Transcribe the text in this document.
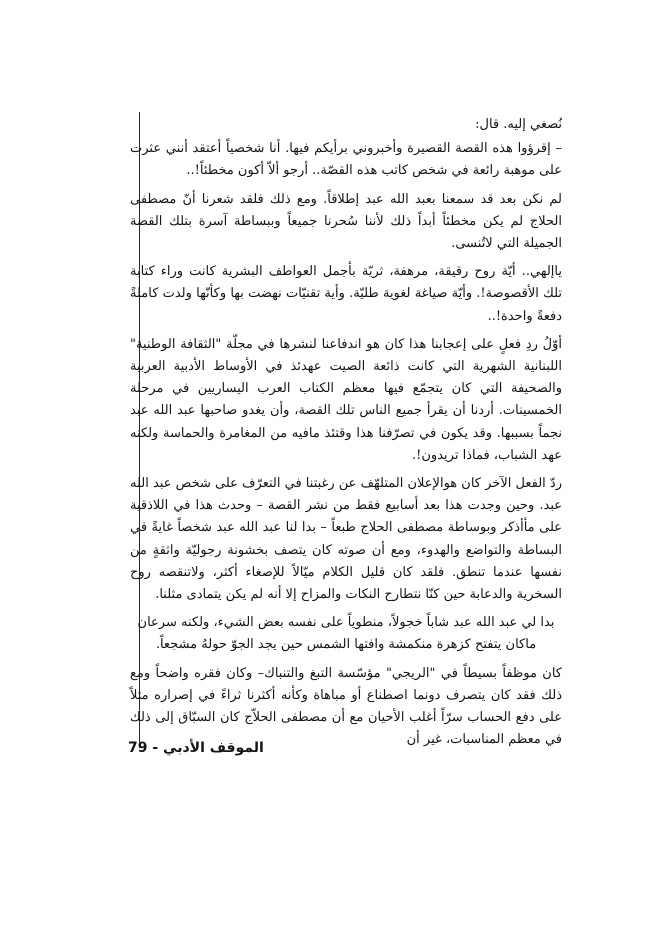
نُصغي إليه. قال:

– إقرؤوا هذه القصة القصيرة وأخبروني برأيكم فيها. أنا شخصياً أعتقد أنني عثرت على موهبة رائعة في شخص كاتب هذه القصّة.. أرجو ألاّ أكون مخطئاً!..

لم نكن بعد قد سمعنا بعبد الله عبد إطلاقاً. ومع ذلك فلقد شعرنا أنّ مصطفى الحلاج لم يكن مخطئاً أبداً ذلك لأننا سُحرنا جميعاً وببساطة آسرة بتلك القصة الجميلة التي لاتُنسى.

ياإلهي.. أيّة روح رقيقة، مرهفة، ثريّة بأجمل العواطف البشرية كانت وراء كتابة تلك الأقصوصة!. وأيّة صياغة لغوية طليّة. وأية تقنيّات نهضت بها وكأنّها ولدت كاملةً دفعةً واحدة!..

أوّلُ ردِ فعلٍ على إعجابنا هذا كان هو اندفاعنا لنشرها في مجلّة "الثقافة الوطنية" اللبنانية الشهرية التي كانت ذائعة الصيت عهدئذ في الأوساط الأدبية العربية والصحيفة التي كان يتجمّع فيها معظم الكتاب العرب اليساريين في مرحلة الخمسينات. أردنا أن يقرأ جميع الناس تلك القصة، وأن يغدو صاحبها عبد الله عبد نجماً بسببها. وقد يكون في تصرّفنا هذا وقتئذ مافيه من المغامرة والحماسة ولكنه عهد الشباب، فماذا تريدون!.

ردّ الفعل الآخر كان هوالإعلان المتلهّف عن رغبتنا في التعرّف على شخص عبد الله عبد. وحين وجدت هذا بعد أسابيع فقط من نشر القصة – وحدث هذا في اللاذقية على مأأذكر وبوساطة مصطفى الحلاج طبعاً – بدا لنا عبد الله عبد شخصاً غايةً في البساطة والتواضع والهدوء، ومع أن صوته كان يتصف بخشونة رجوليّة واثقةٍ من نفسها عندما تنطق. فلقد كان قليل الكلام ميّالاً للإصغاء أكثر، ولاتنقصه روح السخرية والدعابة حين كنّا نتطارح النكات والمزاح إلا أنه لم يكن يتمادى مثلنا.

بدا لي عبد الله عبد شاباً خجولاً، منطوياً على نفسه بعض الشيء، ولكنه سرعان ماكان يتفتح كزهرة منكمشة وافتها الشمس حين يجد الجوّ حولهُ مشجعاً.

كان موظفاً بسيطاً في "الريجي" مؤسّسة التبغ والتنباك– وكان فقره واضحاً ومع ذلك فقد كان يتصرف دونما اصطناع أو مباهاة وكأنه أكثرنا ثراءً في إصراره مثلاً على دفع الحساب سرّاً أغلب الأحيان مع أن مصطفى الحلاّج كان السبّاق إلى ذلك في معظم المناسبات، غير أن

الموقف الأدبي - 79
